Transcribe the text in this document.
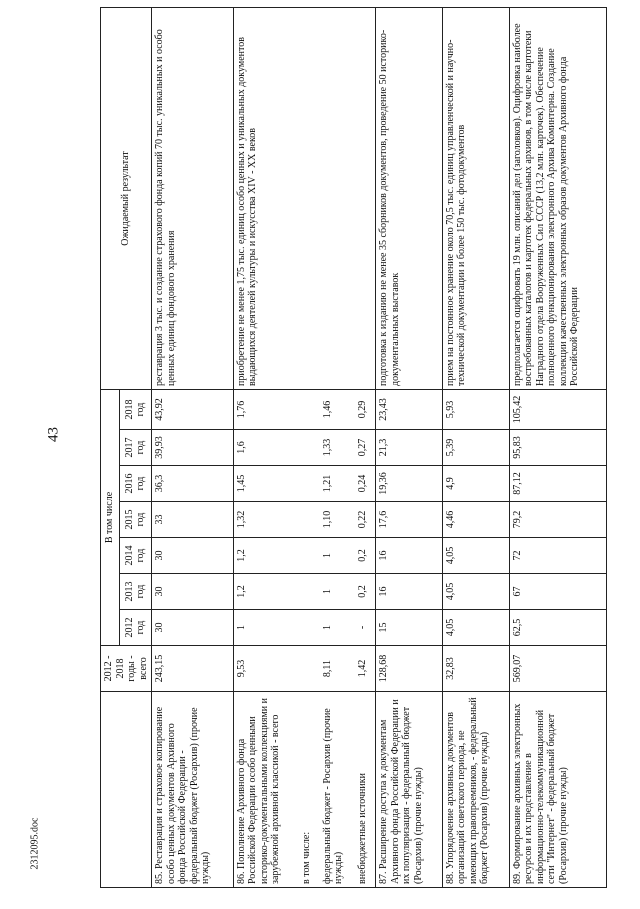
43
	2012 - 2018 годы - всего	В том числе							Ожидаемый результат
		2012 год	2013 год	2014 год	2015 год	2016 год	2017 год	2018 год	
85. Реставрация и страховое копирование особо ценных документов Архивного фонда Российской Федерации - федеральный бюджет (Росархив) (прочие нужды)	243,15	30	30	30	33	36,3	39,93	43,92	реставрация 3 тыс. и создание страхового фонда копий 70 тыс. уникальных и особо ценных единиц фондового хранения
86. Пополнение Архивного фонда Российской Федерации особо ценными историко-документальными коллекциями и зарубежной архивной классикой - всего	9,53	1	1,2	1,2	1,32	1,45	1,6	1,76	приобретение не менее 1,75 тыс. единиц особо ценных и уникальных документов выдающихся деятелей культуры и искусства XIV - XX веков
в том числе:									
федеральный бюджет - Росархив (прочие нужды)	8,11	1	1	1	1,10	1,21	1,33	1,46	
внебюджетные источники	1,42	-	0,2	0,2	0,22	0,24	0,27	0,29	
87. Расширение доступа к документам Архивного фонда Российской Федерации и их популяризация - федеральный бюджет (Росархив) (прочие нужды)	128,68	15	16	16	17,6	19,36	21,3	23,43	подготовка к изданию не менее 35 сборников документов, проведение 50 историко-документальных выставок
88. Упорядочение архивных документов организаций советского периода, не имеющих правопреемников, - федеральный бюджет (Росархив) (прочие нужды)	32,83	4,05	4,05	4,05	4,46	4,9	5,39	5,93	прием на постоянное хранение около 70,5 тыс. единиц управленческой и научно-технической документации и более 150 тыс. фотодокументов
89. Формирование архивных электронных ресурсов и их представление в информационно-телекоммуникационной сети "Интернет" - федеральный бюджет (Росархив) (прочие нужды)	569,07	62,5	67	72	79,2	87,12	95,83	105,42	предполагается оцифровать 19 млн. описаний дел (заголовков). Оцифровка наиболее востребованных каталогов и картотек федеральных архивов, в том числе картотеки Наградного отдела Вооруженных Сил СССР (13,2 млн. карточек). Обеспечение полноценного функционирования электронного Архива Коминтерна. Создание коллекции качественных электронных образов документов Архивного фонда Российской Федерации
2312095.doc
